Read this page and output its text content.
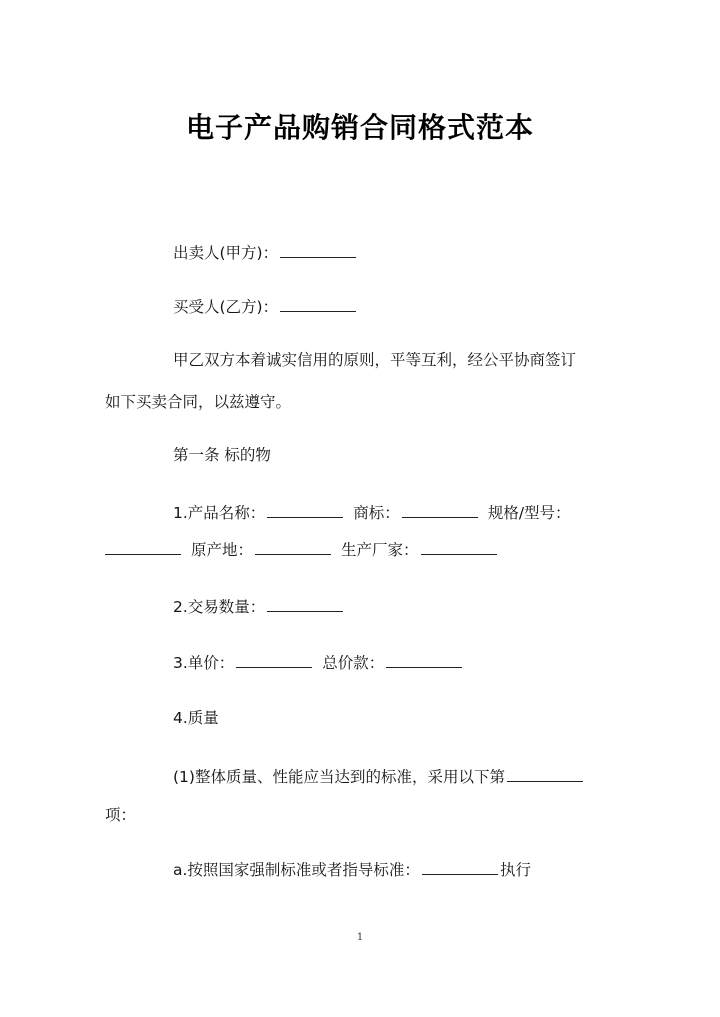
电子产品购销合同格式范本
出卖人(甲方)：
买受人(乙方)：
甲乙双方本着诚实信用的原则，平等互利，经公平协商签订
如下买卖合同，以兹遵守。
第一条 标的物
1.产品名称：	商标：	规格/型号：
原产地：	生产厂家：
2.交易数量：
3.单价：	总价款：
4.质量
(1)整体质量、性能应当达到的标准，采用以下第
项：
a.按照国家强制标准或者指导标准：	执行
1
